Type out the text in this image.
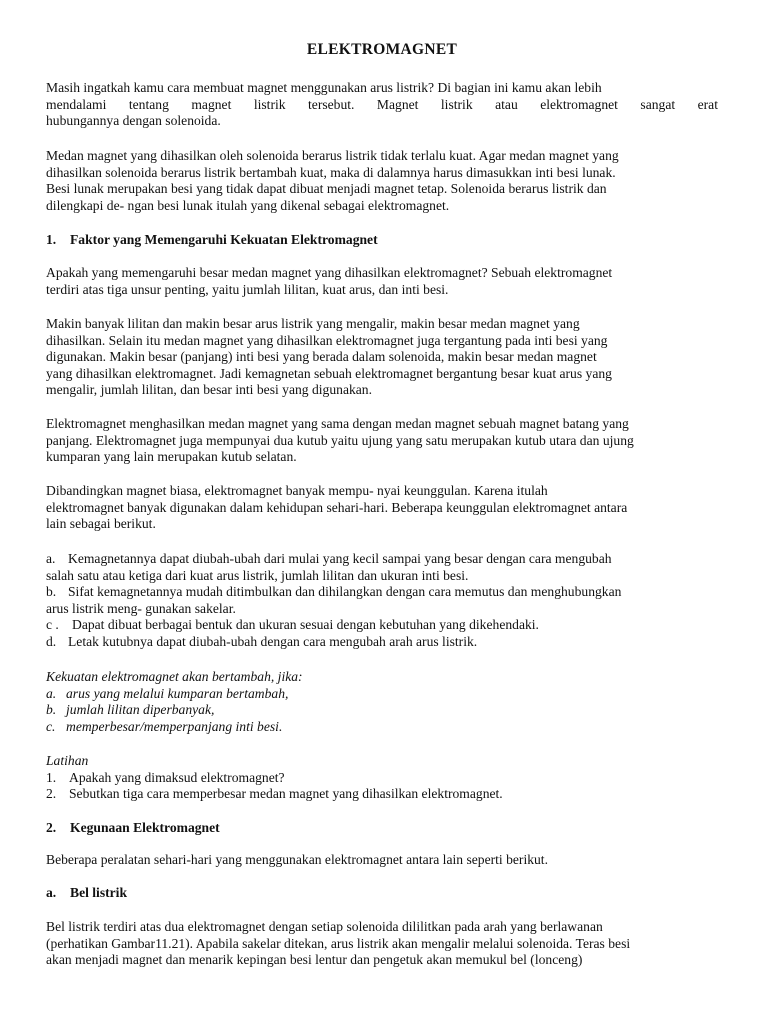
ELEKTROMAGNET
Masih ingatkah kamu cara membuat magnet menggunakan arus listrik? Di bagian ini kamu akan lebih
mendalami tentang magnet listrik tersebut. Magnet listrik atau elektromagnet sangat erat
hubungannya dengan solenoida.
Medan magnet yang dihasilkan oleh solenoida berarus listrik tidak terlalu kuat. Agar medan magnet yang
dihasilkan solenoida berarus listrik bertambah kuat, maka di dalamnya harus dimasukkan inti besi lunak.
Besi lunak merupakan besi yang tidak dapat dibuat menjadi magnet tetap. Solenoida berarus listrik dan
dilengkapi de- ngan besi lunak itulah yang dikenal sebagai elektromagnet.
1. Faktor yang Memengaruhi Kekuatan Elektromagnet
Apakah yang memengaruhi besar medan magnet yang dihasilkan elektromagnet? Sebuah elektromagnet
terdiri atas tiga unsur penting, yaitu jumlah lilitan, kuat arus, dan inti besi.
Makin banyak lilitan dan makin besar arus listrik yang mengalir, makin besar medan magnet yang
dihasilkan. Selain itu medan magnet yang dihasilkan elektromagnet juga tergantung pada inti besi yang
digunakan. Makin besar (panjang) inti besi yang berada dalam solenoida, makin besar medan magnet
yang dihasilkan elektromagnet. Jadi kemagnetan sebuah elektromagnet bergantung besar kuat arus yang
mengalir, jumlah lilitan, dan besar inti besi yang digunakan.
Elektromagnet menghasilkan medan magnet yang sama dengan medan magnet sebuah magnet batang yang
panjang. Elektromagnet juga mempunyai dua kutub yaitu ujung yang satu merupakan kutub utara dan ujung
kumparan yang lain merupakan kutub selatan.
Dibandingkan magnet biasa, elektromagnet banyak mempu- nyai keunggulan. Karena itulah
elektromagnet banyak digunakan dalam kehidupan sehari-hari. Beberapa keunggulan elektromagnet antara
lain sebagai berikut.
a. Kemagnetannya dapat diubah-ubah dari mulai yang kecil sampai yang besar dengan cara mengubah
salah satu atau ketiga dari kuat arus listrik, jumlah lilitan dan ukuran inti besi.
b. Sifat kemagnetannya mudah ditimbulkan dan dihilangkan dengan cara memutus dan menghubungkan
arus listrik meng- gunakan sakelar.
c . Dapat dibuat berbagai bentuk dan ukuran sesuai dengan kebutuhan yang dikehendaki.
d. Letak kutubnya dapat diubah-ubah dengan cara mengubah arah arus listrik.
Kekuatan elektromagnet akan bertambah, jika:
a. arus yang melalui kumparan bertambah,
b. jumlah lilitan diperbanyak,
c. memperbesar/memperpanjang inti besi.
Latihan
1. Apakah yang dimaksud elektromagnet?
2. Sebutkan tiga cara memperbesar medan magnet yang dihasilkan elektromagnet.
2. Kegunaan Elektromagnet
Beberapa peralatan sehari-hari yang menggunakan elektromagnet antara lain seperti berikut.
a. Bel listrik
Bel listrik terdiri atas dua elektromagnet dengan setiap solenoida dililitkan pada arah yang berlawanan
(perhatikan Gambar11.21). Apabila sakelar ditekan, arus listrik akan mengalir melalui solenoida. Teras besi
akan menjadi magnet dan menarik kepingan besi lentur dan pengetuk akan memukul bel (lonceng)
